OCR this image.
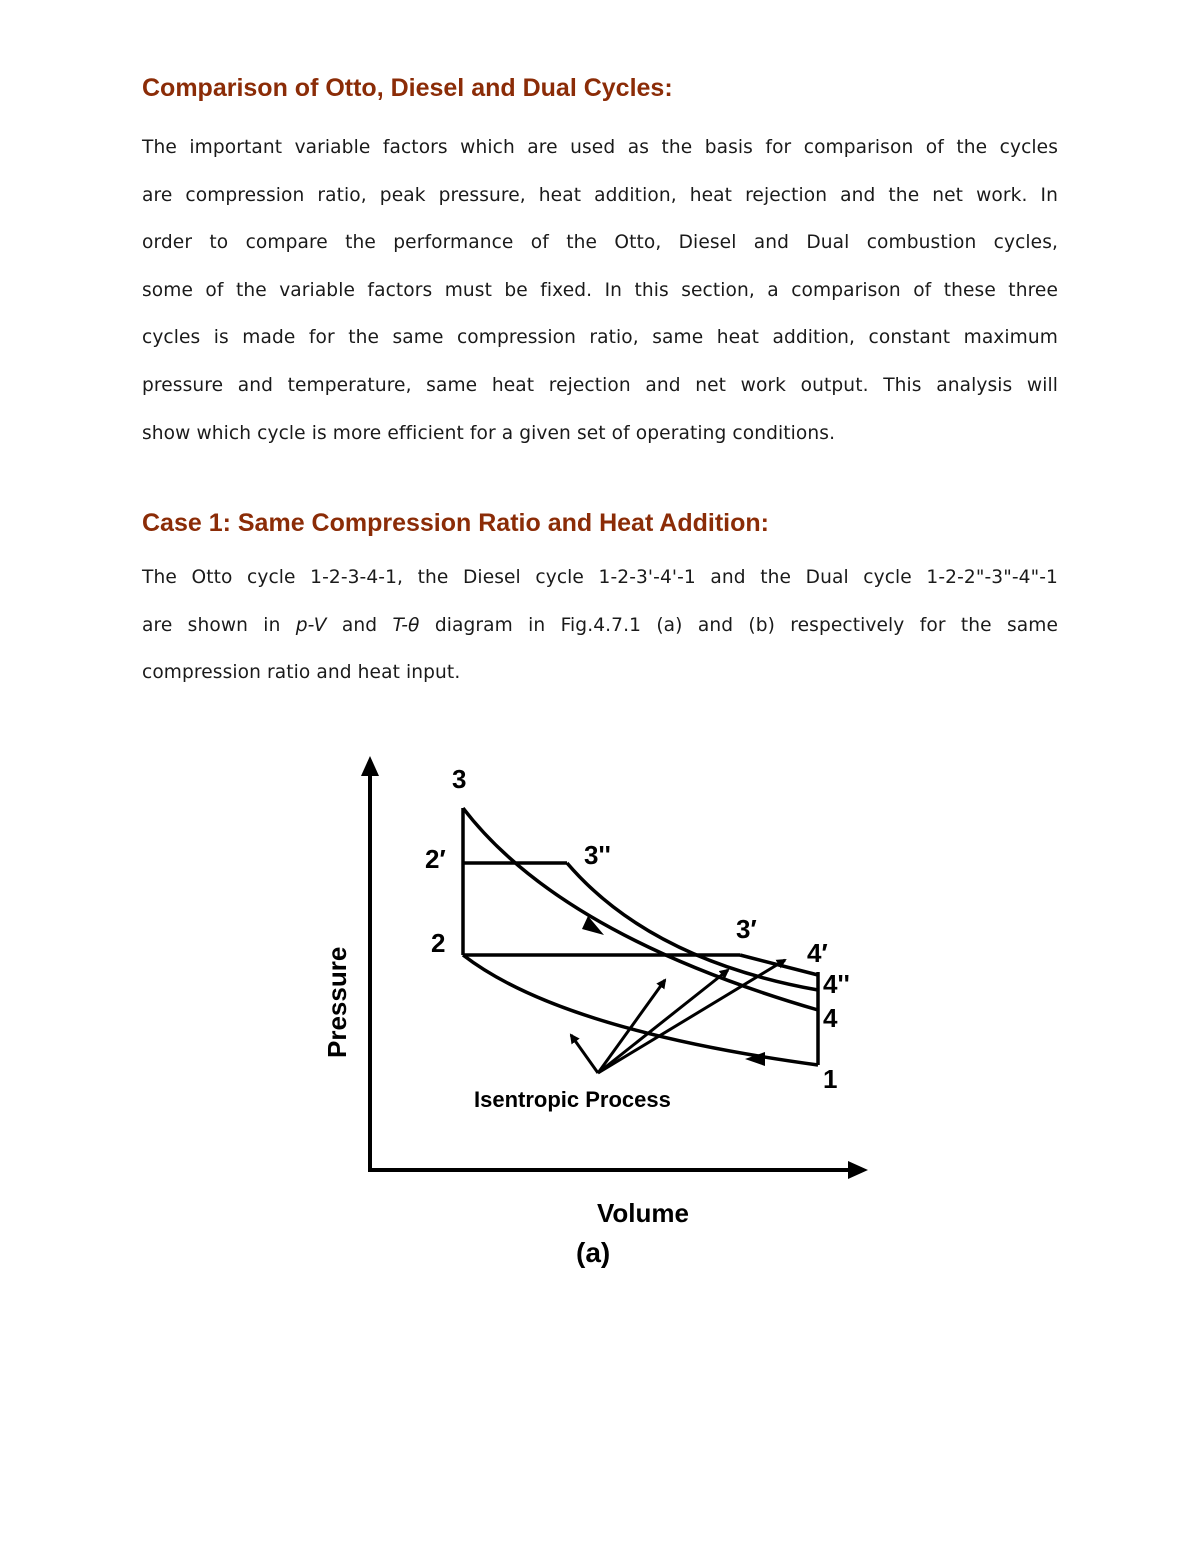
Comparison of Otto, Diesel and Dual Cycles:
The important variable factors which are used as the basis for comparison of the cycles
are compression ratio, peak pressure, heat addition, heat rejection and the net work. In
order to compare the performance of the Otto, Diesel and Dual combustion cycles,
some of the variable factors must be fixed. In this section, a comparison of these three
cycles is made for the same compression ratio, same heat addition, constant maximum
pressure and temperature, same heat rejection and net work output. This analysis will
show which cycle is more efficient for a given set of operating conditions.
Case 1: Same Compression Ratio and Heat Addition:
The Otto cycle 1-2-3-4-1, the Diesel cycle 1-2-3'-4'-1 and the Dual cycle 1-2-2"-3"-4"-1
are shown in p-V and T-θ diagram in Fig.4.7.1 (a) and (b) respectively for the same
compression ratio and heat input.
3
2′	3''
2	3′
4′
4''
4
1
Isentropic Process
Pressure
Volume
(a)
